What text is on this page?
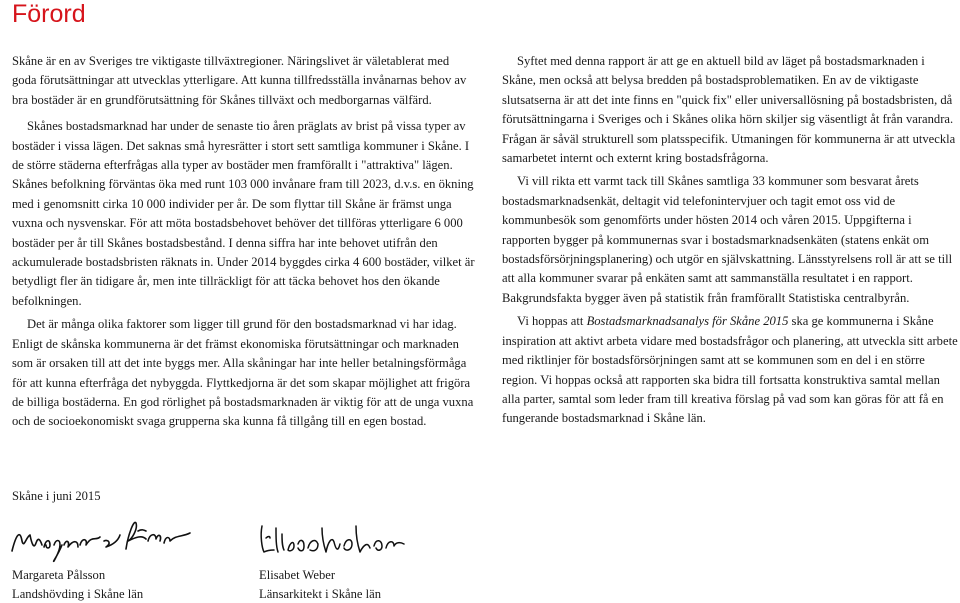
Förord

Skåne är en av Sveriges tre viktigaste tillväxtregioner. Näringslivet är väletablerat med goda förutsättningar att utvecklas ytterligare. Att kunna tillfredsställa invånarnas behov av bra bostäder är en grundförutsättning för Skånes tillväxt och medborgarnas välfärd.

Skånes bostadsmarknad har under de senaste tio åren präglats av brist på vissa typer av bostäder i vissa lägen. Det saknas små hyresrätter i stort sett samtliga kommuner i Skåne. I de större städerna efterfrågas alla typer av bostäder men framförallt i "attraktiva" lägen. Skånes befolkning förväntas öka med runt 103 000 invånare fram till 2023, d.v.s. en ökning med i genomsnitt cirka 10 000 individer per år. De som flyttar till Skåne är främst unga vuxna och nysvenskar. För att möta bostadsbehovet behöver det tillföras ytterligare 6 000 bostäder per år till Skånes bostadsbestånd. I denna siffra har inte behovet utifrån den ackumulerade bostadsbristen räknats in. Under 2014 byggdes cirka 4 600 bostäder, vilket är betydligt fler än tidigare år, men inte tillräckligt för att täcka behovet hos den ökande befolkningen.

Det är många olika faktorer som ligger till grund för den bostadsmarknad vi har idag. Enligt de skånska kommunerna är det främst ekonomiska förutsättningar och marknaden som är orsaken till att det inte byggs mer. Alla skåningar har inte heller betalningsförmåga för att kunna efterfråga det nybyggda. Flyttkedjorna är det som skapar möjlighet att frigöra de billiga bostäderna. En god rörlighet på bostadsmarknaden är viktig för att de unga vuxna och de socioekonomiskt svaga grupperna ska kunna få tillgång till en egen bostad.

Syftet med denna rapport är att ge en aktuell bild av läget på bostadsmarknaden i Skåne, men också att belysa bredden på bostadsproblematiken. En av de viktigaste slutsatserna är att det inte finns en "quick fix" eller universallösning på bostadsbristen, då förutsättningarna i Sveriges och i Skånes olika hörn skiljer sig väsentligt åt från varandra. Frågan är såväl strukturell som platsspecifik. Utmaningen för kommunerna är att utveckla samarbetet internt och externt kring bostadsfrågorna.

Vi vill rikta ett varmt tack till Skånes samtliga 33 kommuner som besvarat årets bostadsmarknadsenkät, deltagit vid telefonintervjuer och tagit emot oss vid de kommunbesök som genomförts under hösten 2014 och våren 2015. Uppgifterna i rapporten bygger på kommunernas svar i bostadsmarknadsenkäten (statens enkät om bostadsförsörjningsplanering) och utgör en självskattning. Länsstyrelsens roll är att se till att alla kommuner svarar på enkäten samt att sammanställa resultatet i en rapport. Bakgrundsfakta bygger även på statistik från framförallt Statistiska centralbyrån.

Vi hoppas att Bostadsmarknadsanalys för Skåne 2015 ska ge kommunerna i Skåne inspiration att aktivt arbeta vidare med bostadsfrågor och planering, att utveckla sitt arbete med riktlinjer för bostadsförsörjningen samt att se kommunen som en del i en större region. Vi hoppas också att rapporten ska bidra till fortsatta konstruktiva samtal mellan alla parter, samtal som leder fram till kreativa förslag på vad som kan göras för att få en fungerande bostadsmarknad i Skåne län.

Skåne i juni 2015
Margareta Pålsson
Landshövding i Skåne län
Elisabet Weber
Länsarkitekt i Skåne län
